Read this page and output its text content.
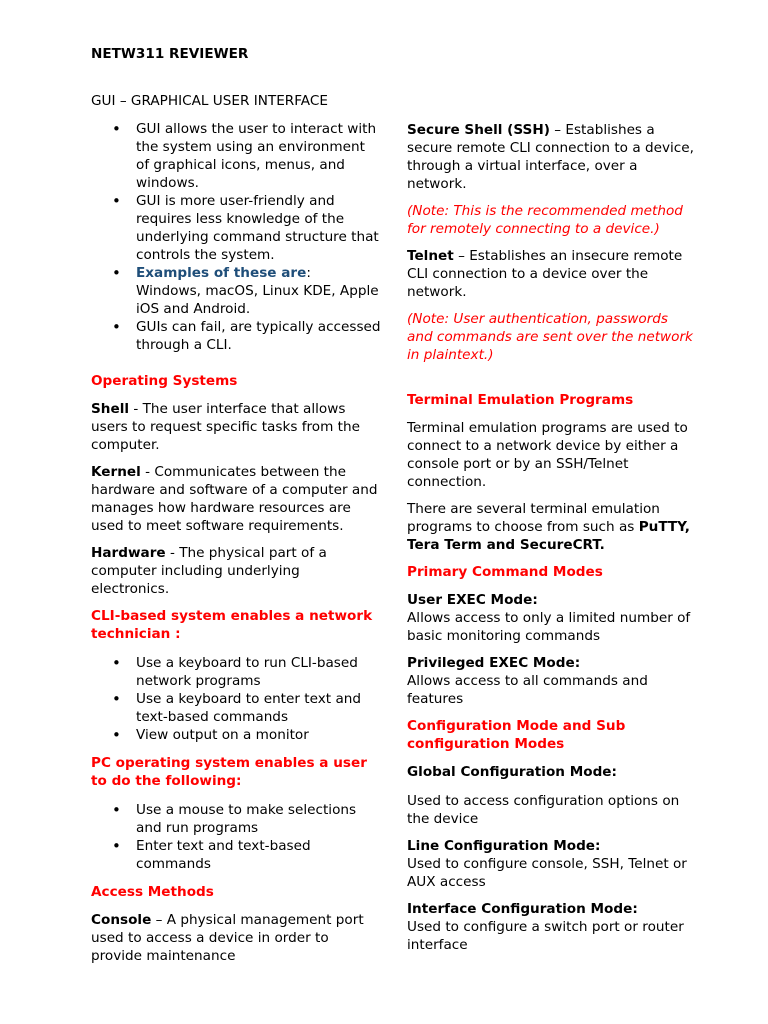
NETW311 REVIEWER
GUI – GRAPHICAL USER INTERFACE
• GUI allows the user to interact with the system using an environment of graphical icons, menus, and windows.
• GUI is more user-friendly and requires less knowledge of the underlying command structure that controls the system.
• Examples of these are:
Windows, macOS, Linux KDE, Apple iOS and Android.
• GUIs can fail, are typically accessed through a CLI.
Operating Systems

Shell - The user interface that allows users to request specific tasks from the computer.

Kernel - Communicates between the hardware and software of a computer and manages how hardware resources are used to meet software requirements.

Hardware - The physical part of a computer including underlying electronics.

CLI-based system enables a network technician :
• Use a keyboard to run CLI-based network programs
• Use a keyboard to enter text and text-based commands
• View output on a monitor
PC operating system enables a user to do the following:
• Use a mouse to make selections and run programs
• Enter text and text-based commands
Access Methods

Console – A physical management port used to access a device in order to provide maintenance

Secure Shell (SSH) – Establishes a secure remote CLI connection to a device, through a virtual interface, over a network.

(Note: This is the recommended method for remotely connecting to a device.)

Telnet – Establishes an insecure remote CLI connection to a device over the network.

(Note: User authentication, passwords and commands are sent over the network in plaintext.)

Terminal Emulation Programs

Terminal emulation programs are used to connect to a network device by either a console port or by an SSH/Telnet connection.

There are several terminal emulation programs to choose from such as PuTTY, Tera Term and SecureCRT.

Primary Command Modes

User EXEC Mode:
Allows access to only a limited number of basic monitoring commands

Privileged EXEC Mode:
Allows access to all commands and features

Configuration Mode and Sub configuration Modes
Global Configuration Mode:

Used to access configuration options on the device

Line Configuration Mode:
Used to configure console, SSH, Telnet or AUX access

Interface Configuration Mode:
Used to configure a switch port or router interface
